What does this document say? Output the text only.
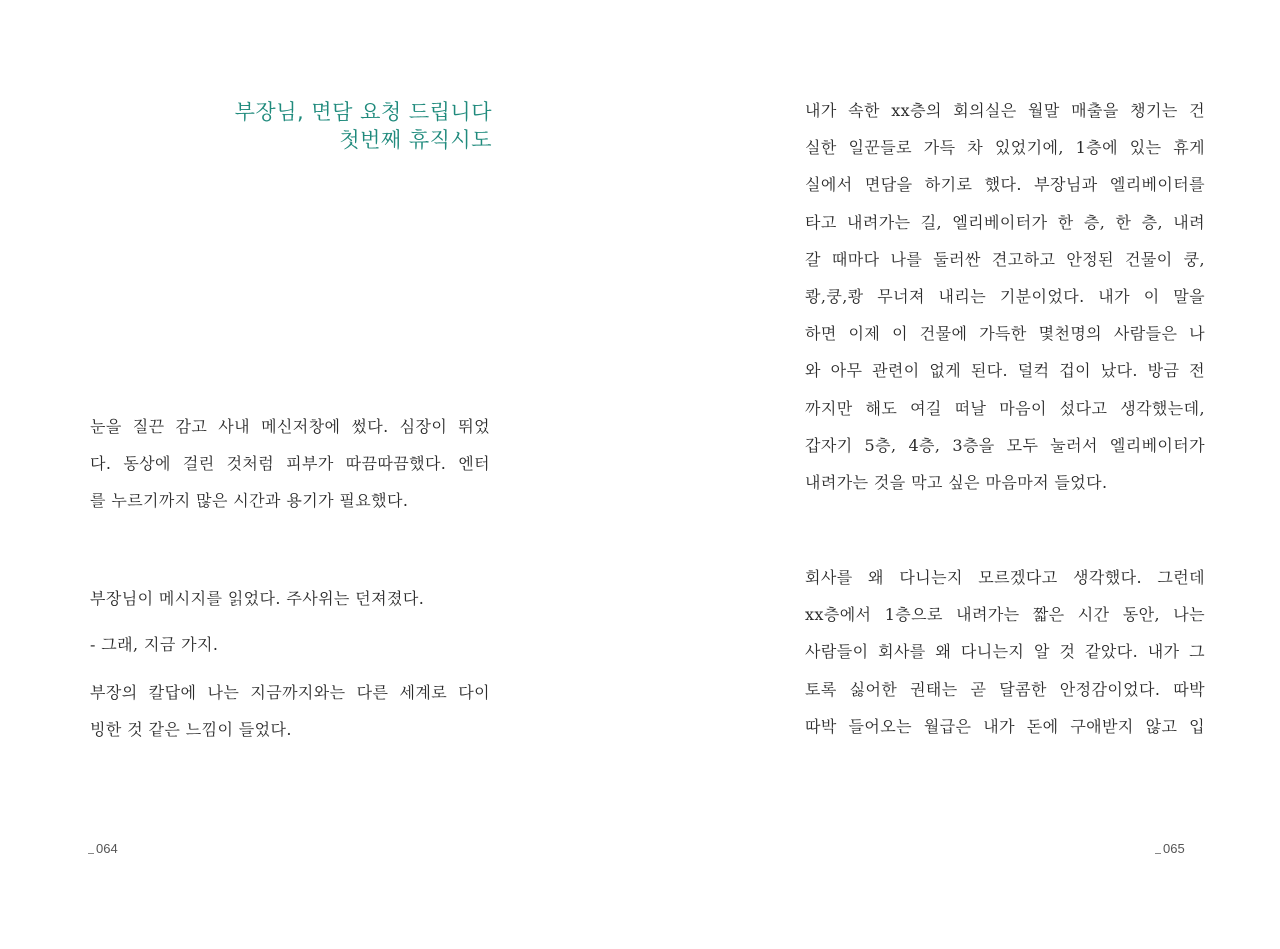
부장님, 면담 요청 드립니다
첫번째 휴직시도
눈을 질끈 감고 사내 메신저창에 썼다. 심장이 뛰었
다. 동상에 걸린 것처럼 피부가 따끔따끔했다. 엔터
를 누르기까지 많은 시간과 용기가 필요했다.
부장님이 메시지를 읽었다. 주사위는 던져졌다.
- 그래, 지금 가지.
부장의 칼답에 나는 지금까지와는 다른 세계로 다이
빙한 것 같은 느낌이 들었다.
064
내가 속한 xx층의 회의실은 월말 매출을 챙기는 건
실한 일꾼들로 가득 차 있었기에, 1층에 있는 휴게
실에서 면담을 하기로 했다. 부장님과 엘리베이터를
타고 내려가는 길, 엘리베이터가 한 층, 한 층, 내려
갈 때마다 나를 둘러싼 견고하고 안정된 건물이 쿵,
쾅,쿵,쾅 무너져 내리는 기분이었다. 내가 이 말을
하면 이제 이 건물에 가득한 몇천명의 사람들은 나
와 아무 관련이 없게 된다. 덜컥 겁이 났다. 방금 전
까지만 해도 여길 떠날 마음이 섰다고 생각했는데,
갑자기 5층, 4층, 3층을 모두 눌러서 엘리베이터가
내려가는 것을 막고 싶은 마음마저 들었다.
회사를 왜 다니는지 모르겠다고 생각했다. 그런데
xx층에서 1층으로 내려가는 짧은 시간 동안, 나는
사람들이 회사를 왜 다니는지 알 것 같았다. 내가 그
토록 싫어한 권태는 곧 달콤한 안정감이었다. 따박
따박 들어오는 월급은 내가 돈에 구애받지 않고 입
065
